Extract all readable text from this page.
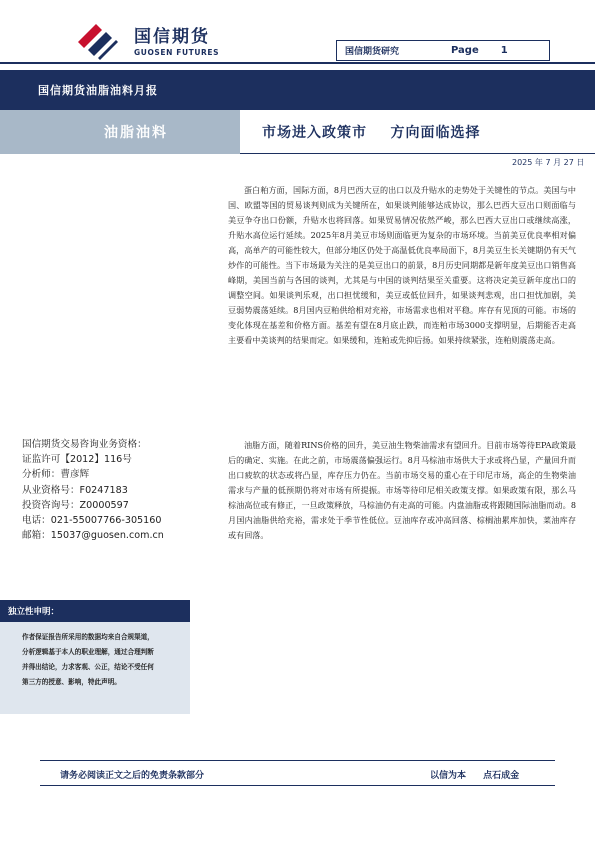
国信期货
GUOSEN FUTURES	国信期货研究	Page 1
国信期货油脂油料月报
油脂油料	市场进入政策市    方向面临选择
2025 年 7 月 27 日

蛋白粕方面，国际方面，8月巴西大豆的出口以及升贴水的走势处于关键性的节点。美国与中国、欧盟等国的贸易谈判则成为关键所在，如果谈判能够达成协议，那么巴西大豆出口则面临与美豆争夺出口份额，升贴水也将回落。如果贸易情况依然严峻，那么巴西大豆出口或继续高涨，升贴水高位运行延续。2025年8月美豆市场则面临更为复杂的市场环境。当前美豆优良率相对偏高，高单产的可能性较大，但部分地区仍处于高温低优良率局面下，8月美豆生长关键期仍有天气炒作的可能性。当下市场最为关注的是美豆出口的前景，8月历史同期都是新年度美豆出口销售高峰期，美国当前与各国的谈判，尤其是与中国的谈判结果至关重要。这将决定美豆新年度出口的调整空间。如果谈判乐观，出口担忧缓和，美豆或低位回升，如果谈判悲观，出口担忧加剧，美豆弱势震荡延续。8月国内豆粕供给相对充裕，市场需求也相对平稳。库存有见顶的可能。市场的变化体现在基差和价格方面。基差有望在8月底止跌，而连粕市场3000支撑明显，后期能否走高主要看中美谈判的结果而定。如果缓和，连粕或先抑后扬。如果持续紧张，连粕则震荡走高。

油脂方面，随着RINS价格的回升，美豆油生物柴油需求有望回升。目前市场等待EPA政策最后的确定、实施。在此之前，市场震荡偏强运行。8月马棕油市场供大于求或将凸显，产量回升而出口疲软的状态或将凸显，库存压力仍在。当前市场交易的重心在于印尼市场，高企的生物柴油需求与产量的低预期仍将对市场有所提振。市场等待印尼相关政策支撑。如果政策有限，那么马棕油高位或有修正，一旦政策释放，马棕油仍有走高的可能。内盘油脂或将跟随国际油脂而动。8月国内油脂供给充裕，需求处于季节性低位。豆油库存或冲高回落、棕榈油累库加快，菜油库存或有回落。

国信期货交易咨询业务资格：
证监许可【2012】116号
分析师：曹彦辉
从业资格号：F0247183
投资咨询号：Z0000597
电话：021-55007766-305160
邮箱：15037@guosen.com.cn
独立性申明：
作者保证报告所采用的数据均来自合规渠道，分析逻辑基于本人的职业理解，通过合理判断并得出结论，力求客观、公正，结论不受任何第三方的授意、影响，特此声明。
请务必阅读正文之后的免责条款部分	以信为本 点石成金
